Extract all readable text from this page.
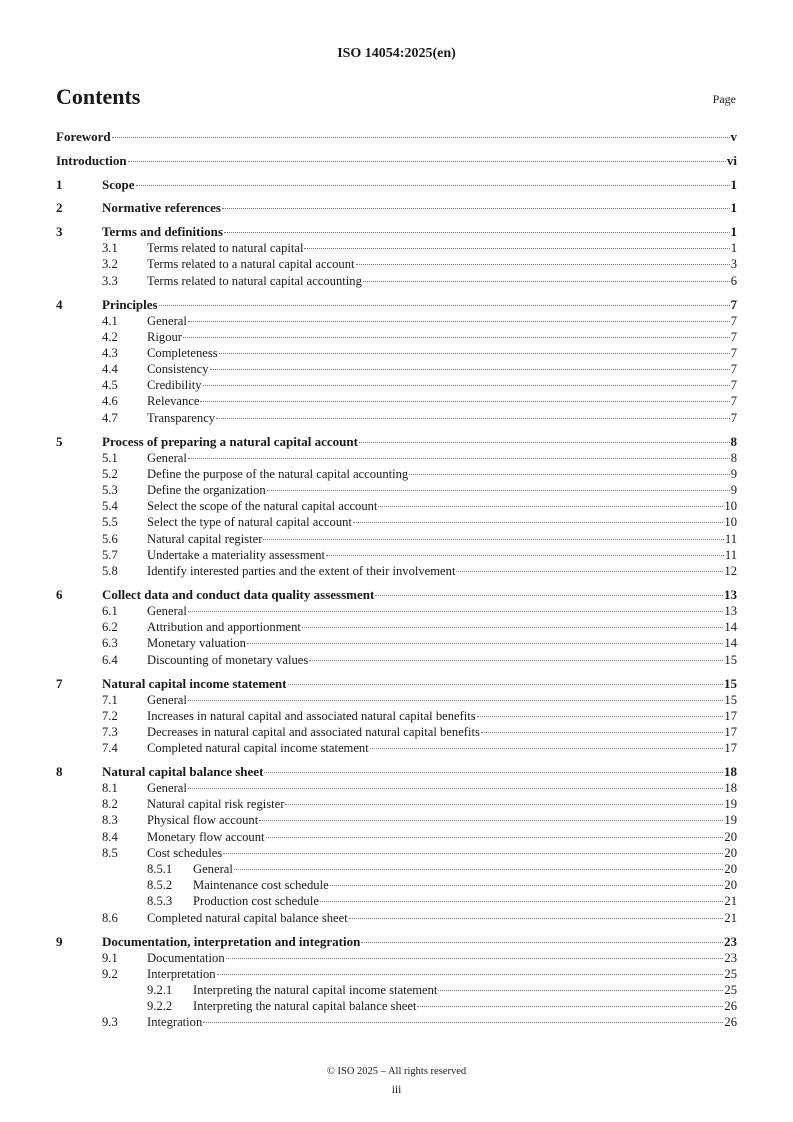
ISO 14054:2025(en)
Contents	Page
Foreword	v
Introduction	vi
1	Scope	1
2	Normative references	1
3	Terms and definitions	1
3.1	Terms related to natural capital	1
3.2	Terms related to a natural capital account	3
3.3	Terms related to natural capital accounting	6
4	Principles	7
4.1	General	7
4.2	Rigour	7
4.3	Completeness	7
4.4	Consistency	7
4.5	Credibility	7
4.6	Relevance	7
4.7	Transparency	7
5	Process of preparing a natural capital account	8
5.1	General	8
5.2	Define the purpose of the natural capital accounting	9
5.3	Define the organization	9
5.4	Select the scope of the natural capital account	10
5.5	Select the type of natural capital account	10
5.6	Natural capital register	11
5.7	Undertake a materiality assessment	11
5.8	Identify interested parties and the extent of their involvement	12
6	Collect data and conduct data quality assessment	13
6.1	General	13
6.2	Attribution and apportionment	14
6.3	Monetary valuation	14
6.4	Discounting of monetary values	15
7	Natural capital income statement	15
7.1	General	15
7.2	Increases in natural capital and associated natural capital benefits	17
7.3	Decreases in natural capital and associated natural capital benefits	17
7.4	Completed natural capital income statement	17
8	Natural capital balance sheet	18
8.1	General	18
8.2	Natural capital risk register	19
8.3	Physical flow account	19
8.4	Monetary flow account	20
8.5	Cost schedules	20
8.5.1	General	20
8.5.2	Maintenance cost schedule	20
8.5.3	Production cost schedule	21
8.6	Completed natural capital balance sheet	21
9	Documentation, interpretation and integration	23
9.1	Documentation	23
9.2	Interpretation	25
9.2.1	Interpreting the natural capital income statement	25
9.2.2	Interpreting the natural capital balance sheet	26
9.3	Integration	26
© ISO 2025 – All rights reserved
iii
